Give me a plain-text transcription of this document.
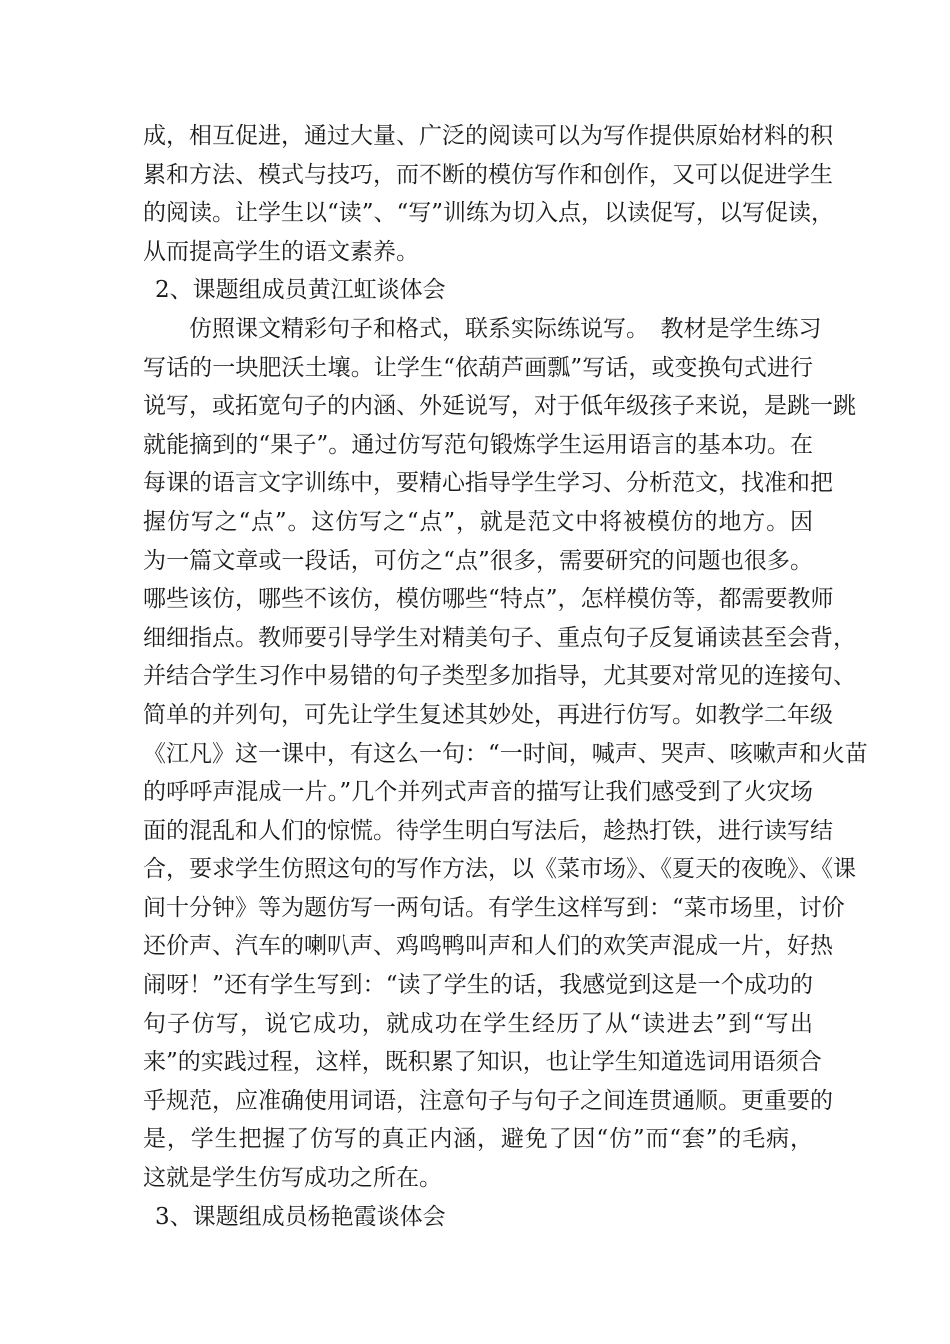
成，相互促进，通过大量、广泛的阅读可以为写作提供原始材料的积
累和方法、模式与技巧，而不断的模仿写作和创作，又可以促进学生
的阅读。让学生以“读”、“写”训练为切入点，以读促写，以写促读，
从而提高学生的语文素养。
2、课题组成员黄江虹谈体会
　　仿照课文精彩句子和格式，联系实际练说写。　教材是学生练习
写话的一块肥沃土壤。让学生“依葫芦画瓢”写话，或变换句式进行
说写，或拓宽句子的内涵、外延说写，对于低年级孩子来说，是跳一跳
就能摘到的“果子”。通过仿写范句锻炼学生运用语言的基本功。在
每课的语言文字训练中，要精心指导学生学习、分析范文，找准和把
握仿写之“点”。这仿写之“点”，就是范文中将被模仿的地方。因
为一篇文章或一段话，可仿之“点”很多，需要研究的问题也很多。
哪些该仿，哪些不该仿，模仿哪些“特点”，怎样模仿等，都需要教师
细细指点。教师要引导学生对精美句子、重点句子反复诵读甚至会背，
并结合学生习作中易错的句子类型多加指导，尤其要对常见的连接句、
简单的并列句，可先让学生复述其妙处，再进行仿写。如教学二年级
《江凡》这一课中，有这么一句：“一时间，喊声、哭声、咳嗽声和火苗
的呼呼声混成一片。”几个并列式声音的描写让我们感受到了火灾场
面的混乱和人们的惊慌。待学生明白写法后，趁热打铁，进行读写结
合，要求学生仿照这句的写作方法，以《菜市场》、《夏天的夜晚》、《课
间十分钟》等为题仿写一两句话。有学生这样写到：“菜市场里，讨价
还价声、汽车的喇叭声、鸡鸣鸭叫声和人们的欢笑声混成一片，好热
闹呀！”还有学生写到：“读了学生的话，我感觉到这是一个成功的
句子仿写，说它成功，就成功在学生经历了从“读进去”到“写出
来”的实践过程，这样，既积累了知识，也让学生知道选词用语须合
乎规范，应准确使用词语，注意句子与句子之间连贯通顺。更重要的
是，学生把握了仿写的真正内涵，避免了因“仿”而“套”的毛病，
这就是学生仿写成功之所在。
3、课题组成员杨艳霞谈体会
